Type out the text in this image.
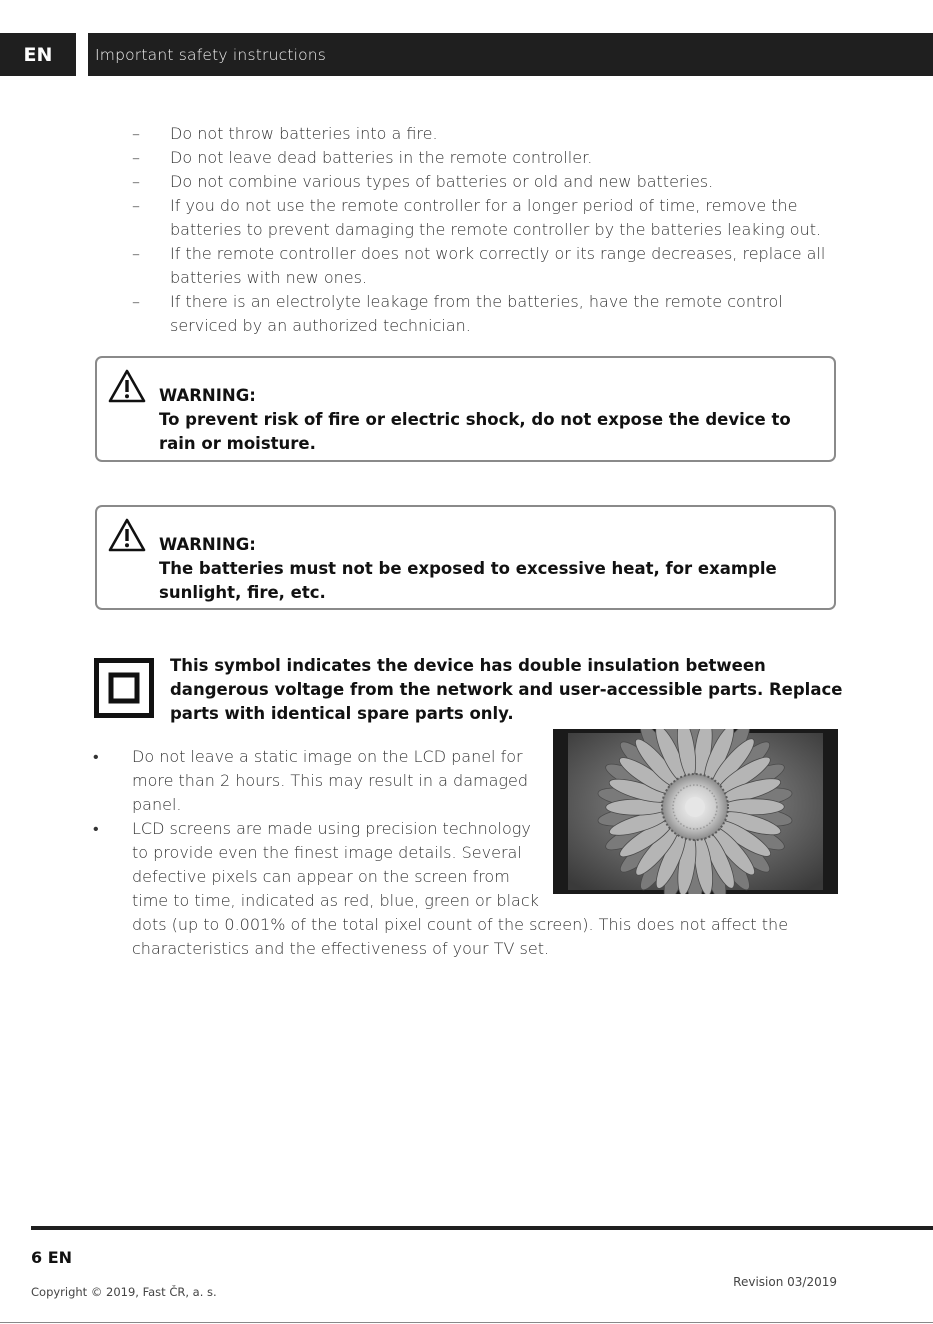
EN	Important safety instructions
–	Do not throw batteries into a fire.
–	Do not leave dead batteries in the remote controller.
–	Do not combine various types of batteries or old and new batteries.
–	If you do not use the remote controller for a longer period of time, remove the batteries to prevent damaging the remote controller by the batteries leaking out.
–	If the remote controller does not work correctly or its range decreases, replace all batteries with new ones.
–	If there is an electrolyte leakage from the batteries, have the remote control serviced by an authorized technician.
WARNING:
To prevent risk of fire or electric shock, do not expose the device to rain or moisture.
WARNING:
The batteries must not be exposed to excessive heat, for example sunlight, fire, etc.
This symbol indicates the device has double insulation between dangerous voltage from the network and user-accessible parts. Replace parts with identical spare parts only.
• Do not leave a static image on the LCD panel for more than 2 hours. This may result in a damaged panel.
• LCD screens are made using precision technology to provide even the finest image details. Several defective pixels can appear on the screen from time to time, indicated as red, blue, green or black dots (up to 0.001% of the total pixel count of the screen). This does not affect the characteristics and the effectiveness of your TV set.
6 EN
Copyright © 2019, Fast ČR, a. s.
Revision 03/2019
